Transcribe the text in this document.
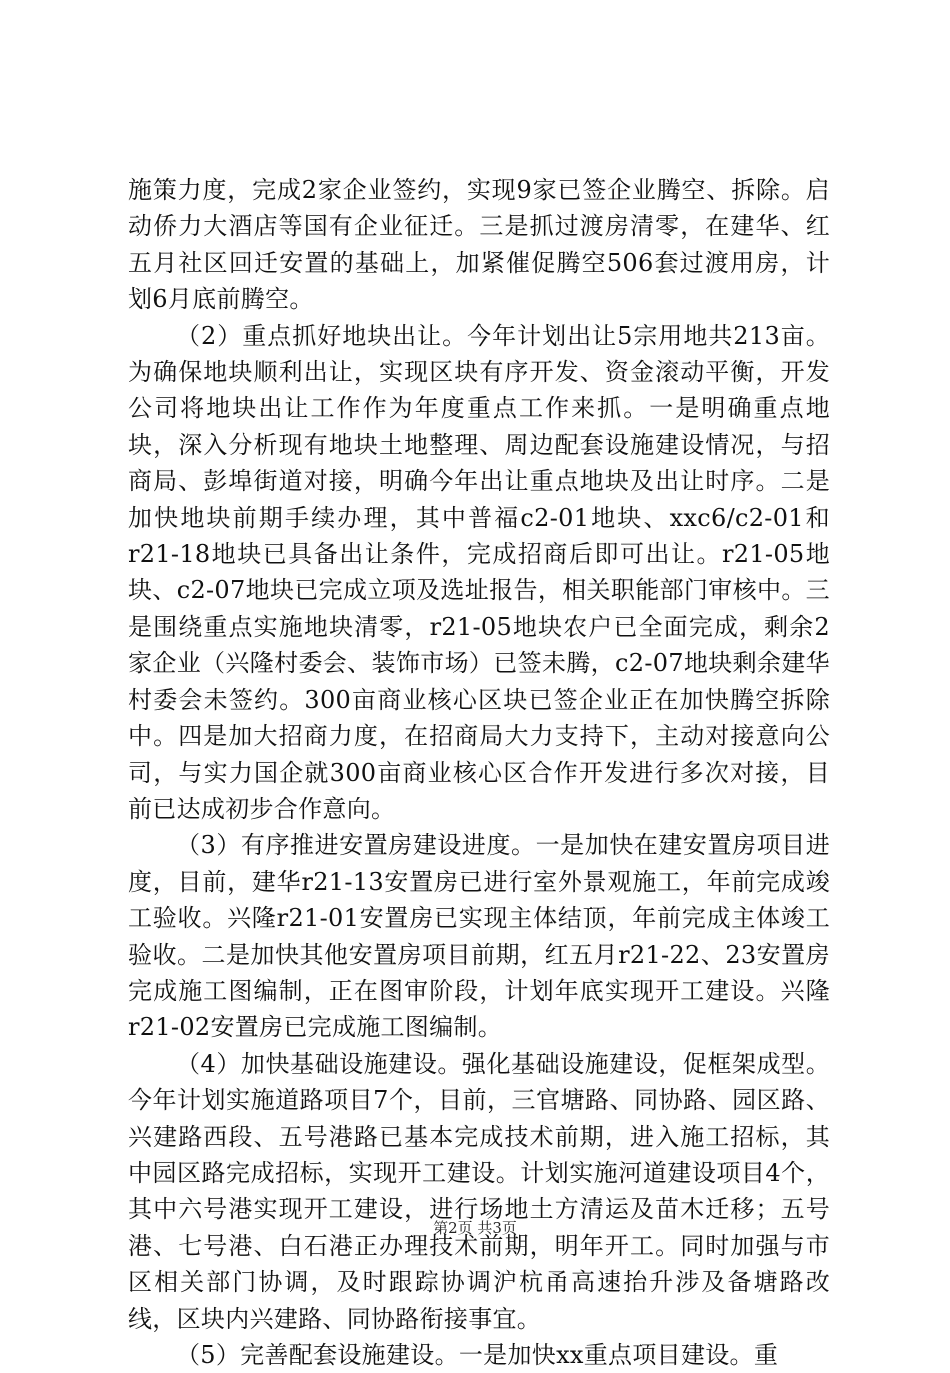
施策力度，完成2家企业签约，实现9家已签企业腾空、拆除。启动侨力大酒店等国有企业征迁。三是抓过渡房清零，在建华、红五月社区回迁安置的基础上，加紧催促腾空506套过渡用房，计划6月底前腾空。

（2）重点抓好地块出让。今年计划出让5宗用地共213亩。为确保地块顺利出让，实现区块有序开发、资金滚动平衡，开发公司将地块出让工作作为年度重点工作来抓。一是明确重点地块，深入分析现有地块土地整理、周边配套设施建设情况，与招商局、彭埠街道对接，明确今年出让重点地块及出让时序。二是加快地块前期手续办理，其中普福c2-01地块、xxc6/c2-01和r21-18地块已具备出让条件，完成招商后即可出让。r21-05地块、c2-07地块已完成立项及选址报告，相关职能部门审核中。三是围绕重点实施地块清零，r21-05地块农户已全面完成，剩余2家企业（兴隆村委会、装饰市场）已签未腾，c2-07地块剩余建华村委会未签约。300亩商业核心区块已签企业正在加快腾空拆除中。四是加大招商力度，在招商局大力支持下，主动对接意向公司，与实力国企就300亩商业核心区合作开发进行多次对接，目前已达成初步合作意向。

（3）有序推进安置房建设进度。一是加快在建安置房项目进度，目前，建华r21-13安置房已进行室外景观施工，年前完成竣工验收。兴隆r21-01安置房已实现主体结顶，年前完成主体竣工验收。二是加快其他安置房项目前期，红五月r21-22、23安置房完成施工图编制，正在图审阶段，计划年底实现开工建设。兴隆r21-02安置房已完成施工图编制。

（4）加快基础设施建设。强化基础设施建设，促框架成型。今年计划实施道路项目7个，目前，三官塘路、同协路、园区路、兴建路西段、五号港路已基本完成技术前期，进入施工招标，其中园区路完成招标，实现开工建设。计划实施河道建设项目4个，其中六号港实现开工建设，进行场地土方清运及苗木迁移；五号港、七号港、白石港正办理技术前期，明年开工。同时加强与市区相关部门协调，及时跟踪协调沪杭甬高速抬升涉及备塘路改线，区块内兴建路、同协路衔接事宜。

（5）完善配套设施建设。一是加快xx重点项目建设。重

第2页 共3页
